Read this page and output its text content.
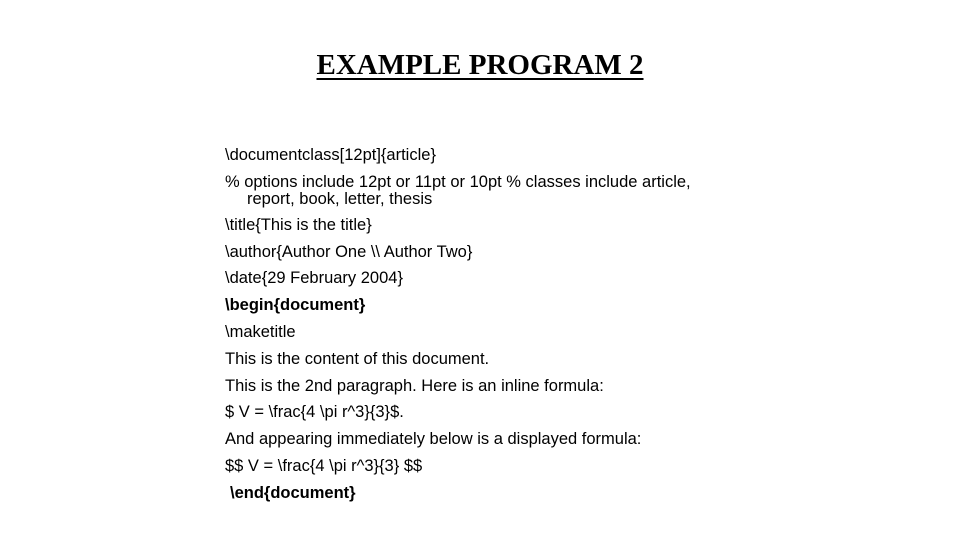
EXAMPLE PROGRAM 2
\documentclass[12pt]{article}
% options include 12pt or 11pt or 10pt % classes include article,
report, book, letter, thesis
\title{This is the title}
\author{Author One \\ Author Two}
\date{29 February 2004}
\begin{document}
\maketitle
This is the content of this document.
This is the 2nd paragraph. Here is an inline formula:
$ V = \frac{4 \pi r^3}{3}$.
And appearing immediately below is a displayed formula:
$$ V = \frac{4 \pi r^3}{3} $$
\end{document}
